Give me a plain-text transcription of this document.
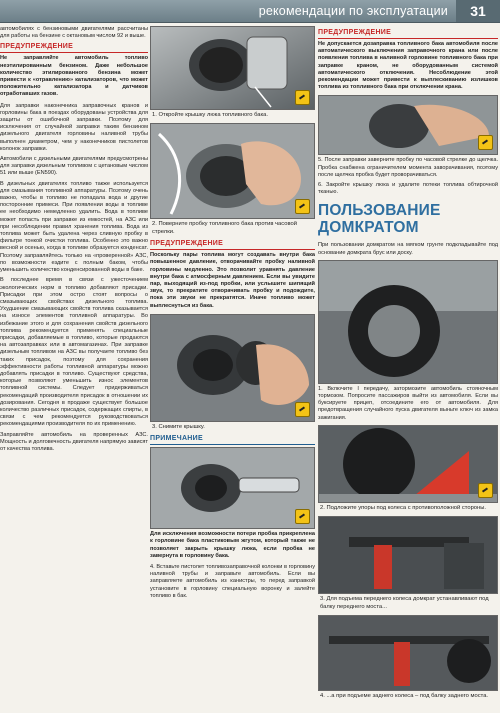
рекомендации по эксплуатации	31

автомобилях с бензиновыми двигателями рассчитаны для работы на бензине с октановым числом 92 и выше.

ПРЕДУПРЕЖДЕНИЕ

Не заправляйте автомобиль топливо неэтилированным бензином. Даже небольшое количество этилированного бензина может привести к «отравлению» катализаторов, что может положительно катализатора и датчиков отработавших газов.

Для заправки наконечника заправочных кранов и горловины бака в поездах оборудованы устройства для защиты от ошибочной заправки. Поэтому для исключения от случайной заправки таким бензином дизельного двигателя горловины наливной трубы выполнен диаметром, чем у наконечников пистолетов колонок заправки.

Автомобили с дизельными двигателями предусмотрены для заправки дизельным топливом с цетановым числом 51 или выше (EN590).

В дизельных двигателях топливо также используется для смазывания топливной аппаратуры. Поэтому очень важно, чтобы в топливо не попадала вода и другие посторонние примеси. При появлении воды в топливе ее необходимо немедленно удалить. Вода в топливе может попасть при заправке из емкостей, на АЗС или при несоблюдении правил хранения топлива. Вода из топлива может быть удалена через сливную пробку в фильтре тонкой очистки топлива. Особенно это важно весной и осенью, когда в топливе образуется конденсат. Поэтому заправляйтесь только на «проверенной» АЗС, по возможности ездите с полным баком, чтобы уменьшить количество конденсированной воды в баке.

В последнее время в связи с ужесточением экологических норм в топливо добавляют присадки. Присадки при этом остро стоят вопросы о смазывающих свойствах дизельного топлива. Ухудшение смазывающих свойств топлива сказывается на износе элементов топливной аппаратуры. Во избежание этого и для сохранения свойств дизельного топлива рекомендуется применять специальные присадки, добавляемые в топливо, которые продаются на автозаправках или в автомагазинах. При заправке дизельным топливом на АЗС вы получаете топливо без таких присадок, поэтому для сохранения эффективности работы топливной аппаратуры можно добавлять присадки в топливо. Существуют средства, которые позволяют уменьшить износ элементов топливной системы. Следует придерживаться рекомендаций производителя присадок в отношении их дозирования. Сегодня в продаже существует большое количество различных присадок, содержащих спирты, в связи с чем рекомендуется руководствоваться рекомендациями производителя по их применению.

Заправляйте автомобиль на проверенных АЗС. Мощность и долговечность двигателя напрямую зависят от качества топлива.

1. Откройте крышку люка топливного бака.
2. Поверните пробку топливного бака против часовой стрелки.
ПРЕДУПРЕЖДЕНИЕ

Поскольку пары топлива могут создавать внутри бака повышенное давление, отворачивайте пробку наливной горловины медленно. Это позволит уравнять давление внутри бака с атмосферным давлением. Если вы увидите пар, выходящий из-под пробки, или услышите шипящий звук, то прекратите отворачивать пробку и подождите, пока эти звуки не прекратятся. Иначе топливо может выплеснуться из бака.

3. Снимите крышку.
ПРИМЕЧАНИЕ

Для исключения возможности потери пробка прикреплена к горловине бака пластиковым жгутом, который также не позволяет закрыть крышку люка, если пробка не завернута в горловину бака.

4. Вставьте пистолет топливозаправочной колонки в горловину наливной трубы и заправьте автомобиль. Если вы заправляете автомобиль из канистры, то перед заправкой установите в горловину специальную воронку и залейте топливо в бак.

ПРЕДУПРЕЖДЕНИЕ

Не допускается дозаправка топливного бака автомобиля после автоматического выключения заправочного крана или после появления топлива в наливной горловине топливного бака при заправке краном, не оборудованным системой автоматического отключения. Несоблюдение этой рекомендации может привести к выплескиванию излишков топлива из топливного бака при отключении крана.

5. После заправки заверните пробку по часовой стрелке до щелчка. Пробка снабжена ограничителем момента заворачивания, поэтому после щелчка пробка будет проворачиваться.

6. Закройте крышку люка и удалите потеки топлива обтирочной тканью.

ПОЛЬЗОВАНИЕ ДОМКРАТОМ

При пользовании домкратом на мягком грунте подкладывайте под основание домкрата брус или доску.

1. Включите I передачу, затормозите автомобиль стояночным тормозом. Попросите пассажиров выйти из автомобиля. Если вы буксируете прицеп, отсоедините его от автомобиля. Для предотвращения случайного пуска двигателя выньте ключ из замка зажигания.

2. Подложите упоры под колеса с противоположной стороны.
3. Для подъема переднего колеса домкрат устанавливают под балку переднего моста...
4. ...а при подъеме заднего колеса – под балку заднего моста.
